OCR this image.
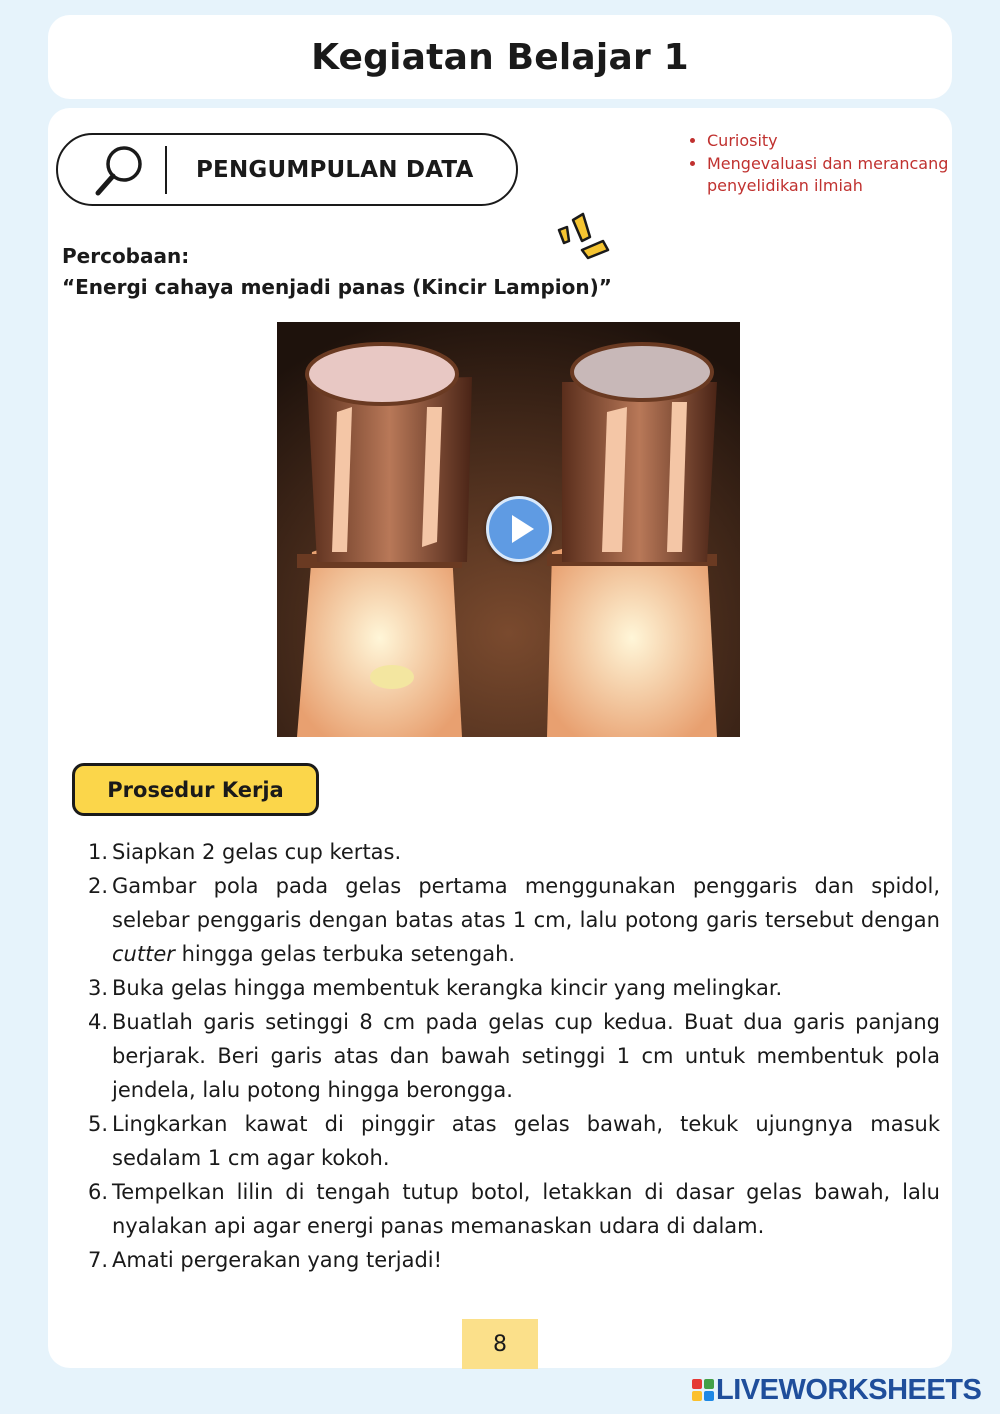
Kegiatan Belajar 1
PENGUMPULAN DATA
• Curiosity
• Mengevaluasi dan merancang penyelidikan ilmiah
Percobaan:
“Energi cahaya menjadi panas (Kincir Lampion)”
Prosedur Kerja
1. Siapkan 2 gelas cup kertas.
2. Gambar pola pada gelas pertama menggunakan penggaris dan spidol, selebar penggaris dengan batas atas 1 cm, lalu potong garis tersebut dengan cutter hingga gelas terbuka setengah.
3. Buka gelas hingga membentuk kerangka kincir yang melingkar.
4. Buatlah garis setinggi 8 cm pada gelas cup kedua. Buat dua garis panjang berjarak. Beri garis atas dan bawah setinggi 1 cm untuk membentuk pola jendela, lalu potong hingga berongga.
5. Lingkarkan kawat di pinggir atas gelas bawah, tekuk ujungnya masuk sedalam 1 cm agar kokoh.
6. Tempelkan lilin di tengah tutup botol, letakkan di dasar gelas bawah, lalu nyalakan api agar energi panas memanaskan udara di dalam.
7. Amati pergerakan yang terjadi!
8
LIVEWORKSHEETS
